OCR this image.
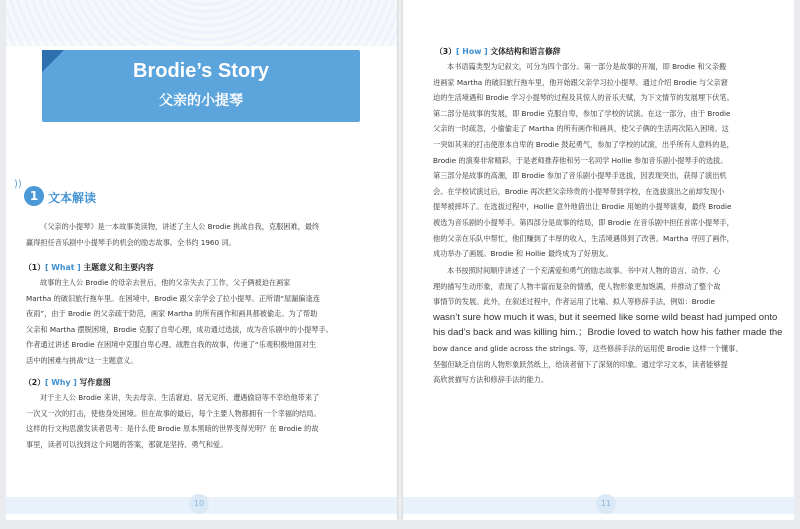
Brodie’s Story
父亲的小提琴
))
1 文本解读
《父亲的小提琴》是一本故事类读物，讲述了主人公 Brodie 挑战自我，克服困难，最终
赢得担任音乐剧中小提琴手的机会的励志故事。全书约 1960 词。
（1）[ What ] 主题意义和主要内容
故事的主人公 Brodie 的母亲去世后，他的父亲失去了工作，父子俩被迫在画家
Martha 的破旧旅行拖车里。在困境中，Brodie 跟父亲学会了拉小提琴。正所谓“屋漏偏逢连
夜雨”，由于 Brodie 的父亲疏于防范，画家 Martha 的所有画作和画具都被偷走。为了帮助
父亲和 Martha 摆脱困境，Brodie 克服了自卑心理，成功通过选拔，成为音乐剧中的小提琴手。
作者通过讲述 Brodie 在困境中克服自卑心理、战胜自我的故事，传递了“乐观积极地面对生
活中的困难与挑战”这一主题意义。
（2）[ Why ] 写作意图
对于主人公 Brodie 来讲，失去母亲、生活窘迫、居无定所、遭遇偷窃等不幸给他带来了
一次又一次的打击，使他身处困境。但在故事的最后，每个主要人物都拥有一个幸福的结局。
这样的行文构思激发读者思考：是什么使 Brodie 原本黑暗的世界变得光明？在 Brodie 的故
事里，读者可以找到这个问题的答案，那就是坚持、勇气和爱。
10
（3）[ How ] 文体结构和语言修辞
本书语篇类型为记叙文，可分为四个部分。第一部分是故事的开端，即 Brodie 和父亲搬
进画家 Martha 的破旧旅行拖车里，他开始跟父亲学习拉小提琴。通过介绍 Brodie 与父亲窘
迫的生活境遇和 Brodie 学习小提琴的过程及其惊人的音乐天赋，为下文情节的发展埋下伏笔。
第二部分是故事的发展，即 Brodie 克服自卑，参加了学校的试演。在这一部分，由于 Brodie
父亲的一时疏忽，小偷偷走了 Martha 的所有画作和画具，使父子俩的生活再次陷入困境。这
一突如其来的打击使原本自卑的 Brodie 鼓起勇气，参加了学校的试演，出乎所有人意料的是，
Brodie 的演奏非常精彩，于是老师推荐他和另一名同学 Hollie 参加音乐剧小提琴手的选拔。
第三部分是故事的高潮，即 Brodie 参加了音乐剧小提琴手选拔，因表现突出，获得了演出机
会。在学校试演过后，Brodie 再次把父亲珍贵的小提琴带到学校，在选拔演出之前却发现小
提琴被摔坏了。在选拔过程中，Hollie 意外地借出让 Brodie 用她的小提琴演奏，最终 Brodie
被选为音乐剧的小提琴手。第四部分是故事的结局，即 Brodie 在音乐剧中担任首席小提琴手，
他的父亲在乐队中帮忙，他们赚到了丰厚的收入，生活境遇得到了改善。Martha 寻回了画作，
成功举办了画展。Brodie 和 Hollie 最终成为了好朋友。
本书按照时间顺序讲述了一个充满爱和勇气的励志故事。书中对人物的语言、动作、心
理的描写生动形象，表现了人物丰富而复杂的情感，使人物形象更加饱满，并推动了整个故
事情节的发展。此外，在叙述过程中，作者运用了比喻、拟人等修辞手法，例如：Brodie
wasn’t sure how much it was, but it seemed like some wild beast had jumped onto
his dad’s back and was killing him.；Brodie loved to watch how his father made the
bow dance and glide across the strings. 等，这些修辞手法的运用使 Brodie 这样一个懂事、
坚强但缺乏自信的人物形象跃然纸上，给读者留下了深刻的印象。通过学习文本，读者能够提
高欣赏描写方法和修辞手法的能力。
11
